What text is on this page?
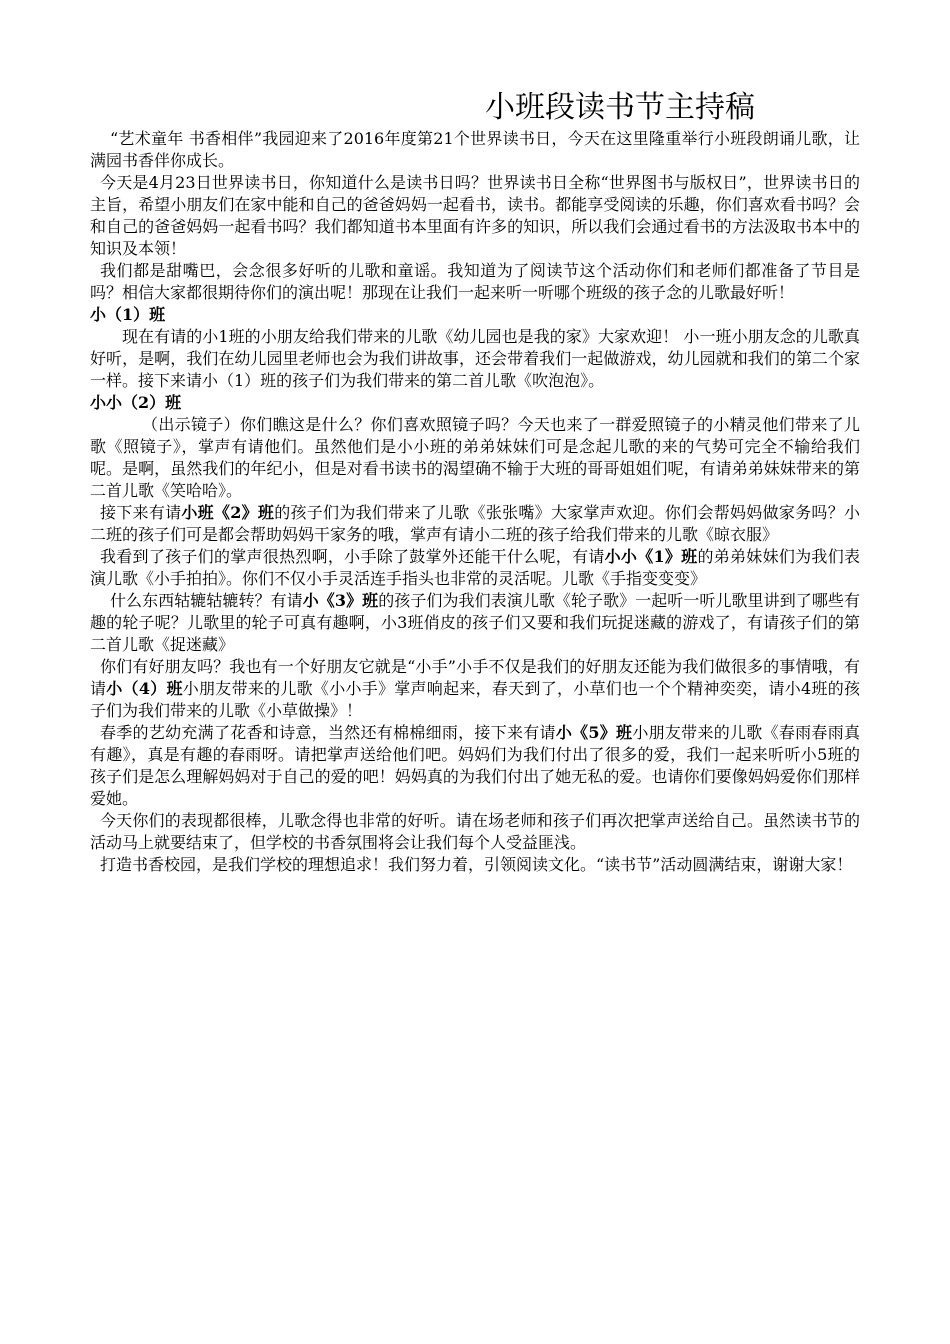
小班段读书节主持稿

“艺术童年 书香相伴”我园迎来了2016年度第21个世界读书日，今天在这里隆重举行小班段朗诵儿歌，让满园书香伴你成长。

今天是4月23日世界读书日，你知道什么是读书日吗？世界读书日全称“世界图书与版权日”，世界读书日的主旨，希望小朋友们在家中能和自己的爸爸妈妈一起看书，读书。都能享受阅读的乐趣，你们喜欢看书吗？会和自己的爸爸妈妈一起看书吗？我们都知道书本里面有许多的知识，所以我们会通过看书的方法汲取书本中的知识及本领！

我们都是甜嘴巴，会念很多好听的儿歌和童谣。我知道为了阅读节这个活动你们和老师们都准备了节目是吗？相信大家都很期待你们的演出呢！那现在让我们一起来听一听哪个班级的孩子念的儿歌最好听！

小（1）班

现在有请的小1班的小朋友给我们带来的儿歌《幼儿园也是我的家》大家欢迎！ 小一班小朋友念的儿歌真好听，是啊，我们在幼儿园里老师也会为我们讲故事，还会带着我们一起做游戏，幼儿园就和我们的第二个家一样。接下来请小（1）班的孩子们为我们带来的第二首儿歌《吹泡泡》。

小小（2）班

（出示镜子）你们瞧这是什么？你们喜欢照镜子吗？今天也来了一群爱照镜子的小精灵他们带来了儿歌《照镜子》，掌声有请他们。虽然他们是小小班的弟弟妹妹们可是念起儿歌的来的气势可完全不输给我们呢。是啊，虽然我们的年纪小，但是对看书读书的渴望确不输于大班的哥哥姐姐们呢，有请弟弟妹妹带来的第二首儿歌《笑哈哈》。

接下来有请小班《2》班的孩子们为我们带来了儿歌《张张嘴》大家掌声欢迎。你们会帮妈妈做家务吗？小二班的孩子们可是都会帮助妈妈干家务的哦，掌声有请小二班的孩子给我们带来的儿歌《晾衣服》

我看到了孩子们的掌声很热烈啊，小手除了鼓掌外还能干什么呢，有请小小《1》班的弟弟妹妹们为我们表演儿歌《小手拍拍》。你们不仅小手灵活连手指头也非常的灵活呢。儿歌《手指变变变》

什么东西轱辘轱辘转？有请小《3》班的孩子们为我们表演儿歌《轮子歌》一起听一听儿歌里讲到了哪些有趣的轮子呢？儿歌里的轮子可真有趣啊，小3班俏皮的孩子们又要和我们玩捉迷藏的游戏了，有请孩子们的第二首儿歌《捉迷藏》

你们有好朋友吗？我也有一个好朋友它就是“小手”小手不仅是我们的好朋友还能为我们做很多的事情哦，有请小（4）班小朋友带来的儿歌《小小手》掌声响起来，春天到了，小草们也一个个精神奕奕，请小4班的孩子们为我们带来的儿歌《小草做操》！

春季的艺幼充满了花香和诗意，当然还有棉棉细雨，接下来有请小《5》班小朋友带来的儿歌《春雨春雨真有趣》，真是有趣的春雨呀。请把掌声送给他们吧。妈妈们为我们付出了很多的爱，我们一起来听听小5班的孩子们是怎么理解妈妈对于自己的爱的吧！妈妈真的为我们付出了她无私的爱。也请你们要像妈妈爱你们那样爱她。

今天你们的表现都很棒，儿歌念得也非常的好听。请在场老师和孩子们再次把掌声送给自己。虽然读书节的活动马上就要结束了，但学校的书香氛围将会让我们每个人受益匪浅。

打造书香校园，是我们学校的理想追求！我们努力着，引领阅读文化。“读书节”活动圆满结束，谢谢大家！
